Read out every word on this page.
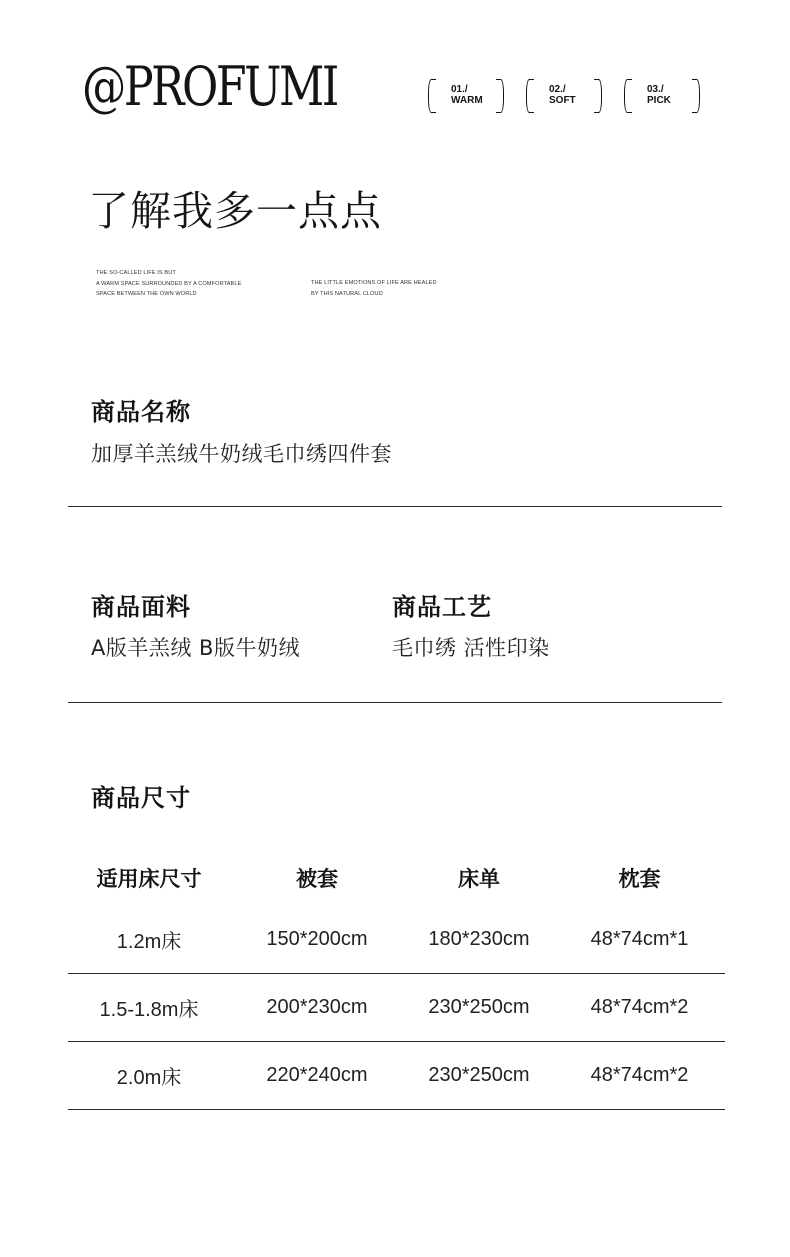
@PROFUMI	01./
WARM
02./
SOFT
03./
PICK
了解我多一点点
THE SO-CALLED LIFE IS BUT
A WARM SPACE SURROUNDED BY A COMFORTABLE
SPACE BETWEEN THE OWN WORLD
THE LITTLE EMOTIONS OF LIFE ARE HEALED
BY THIS NATURAL CLOUD
商品名称
加厚羊羔绒牛奶绒毛巾绣四件套
商品面料
A版羊羔绒 B版牛奶绒
商品工艺
毛巾绣 活性印染
商品尺寸
适用床尺寸	被套	床单	枕套
1.2m床	150*200cm	180*230cm	48*74cm*1
1.5-1.8m床	200*230cm	230*250cm	48*74cm*2
2.0m床	220*240cm	230*250cm	48*74cm*2
